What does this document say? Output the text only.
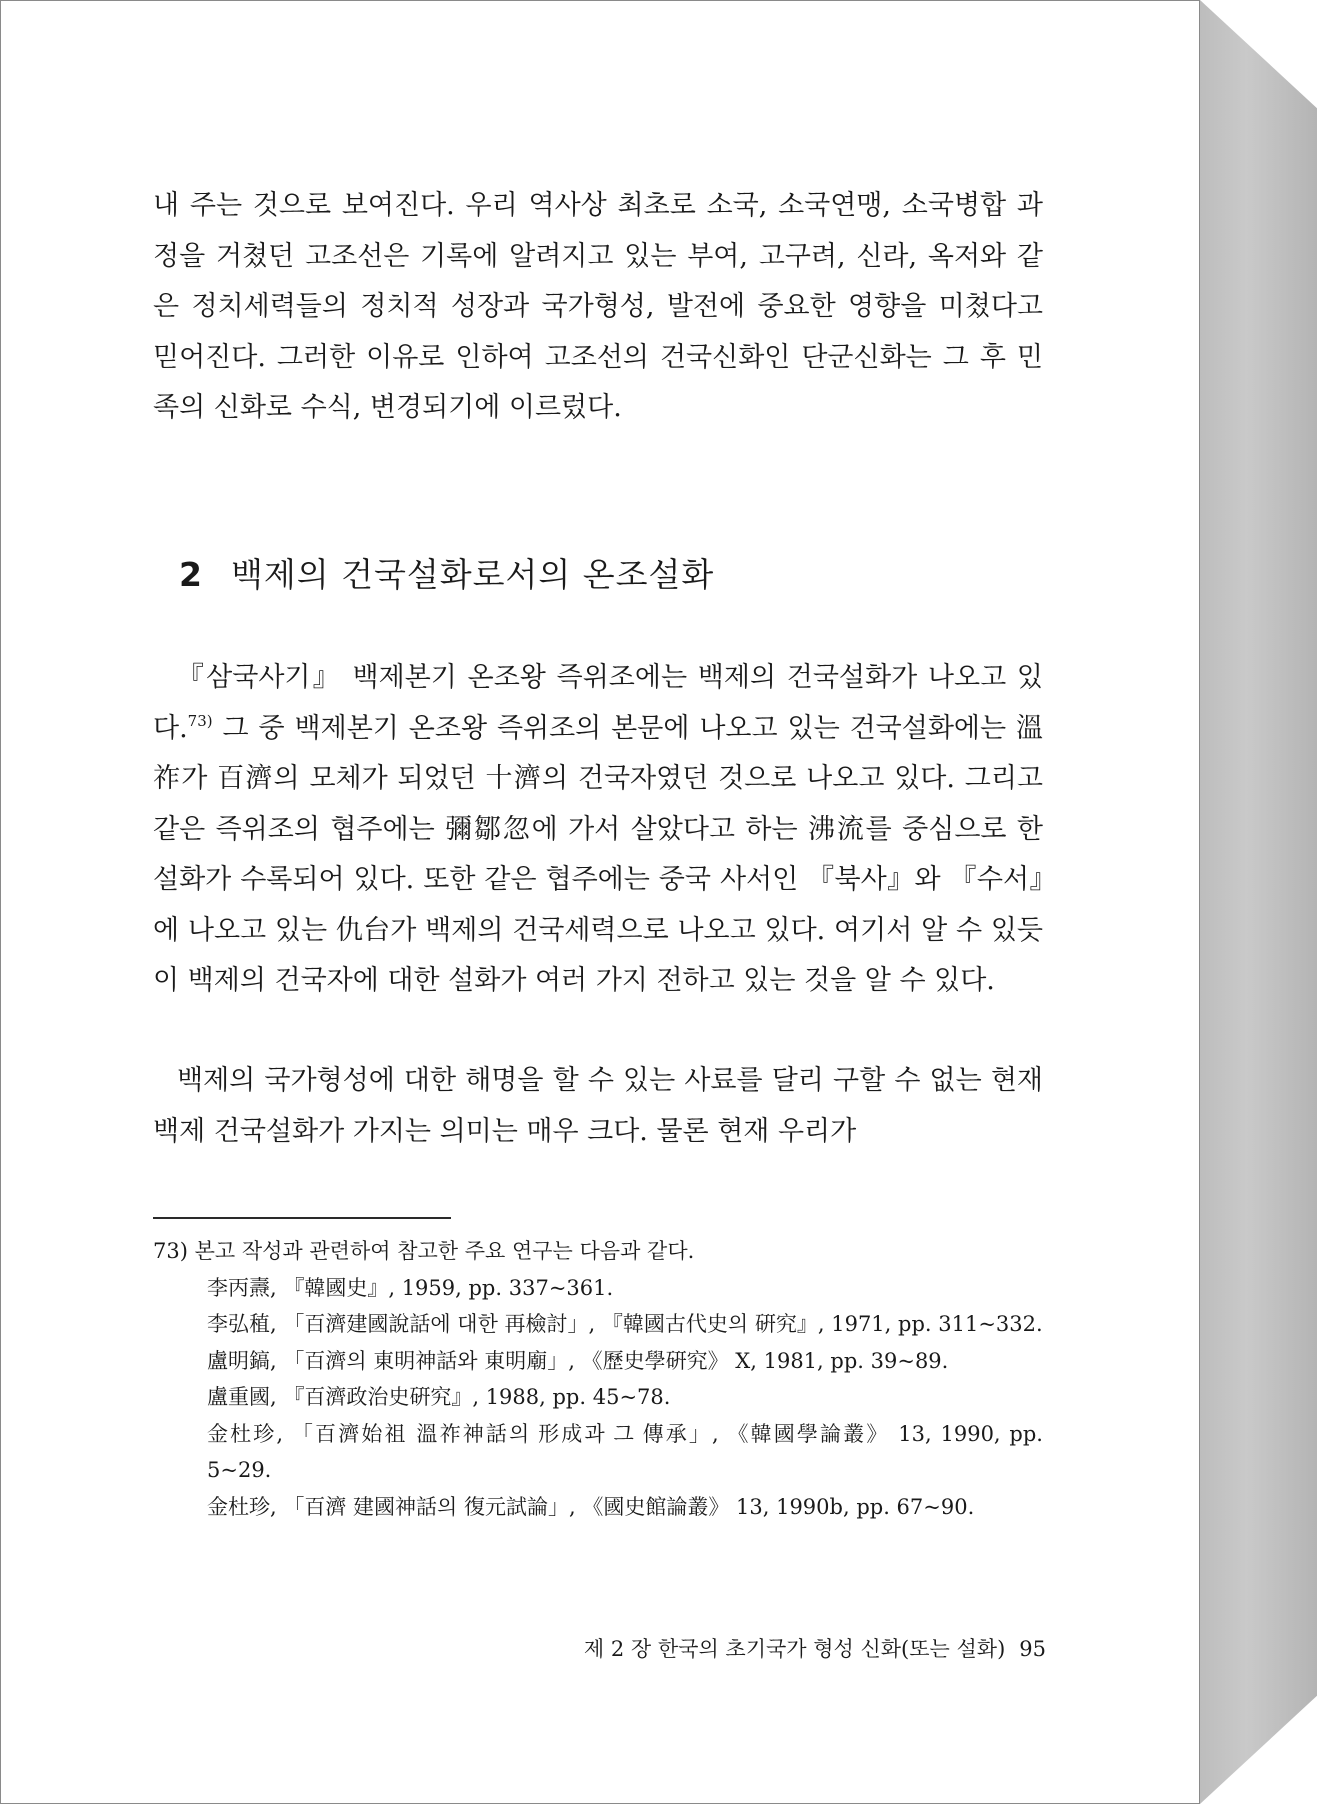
내 주는 것으로 보여진다. 우리 역사상 최초로 소국, 소국연맹, 소국병합 과정을 거쳤던 고조선은 기록에 알려지고 있는 부여, 고구려, 신라, 옥저와 같은 정치세력들의 정치적 성장과 국가형성, 발전에 중요한 영향을 미쳤다고 믿어진다. 그러한 이유로 인하여 고조선의 건국신화인 단군신화는 그 후 민족의 신화로 수식, 변경되기에 이르렀다.

2 백제의 건국설화로서의 온조설화

『삼국사기』 백제본기 온조왕 즉위조에는 백제의 건국설화가 나오고 있다.$^{73)}$ 그 중 백제본기 온조왕 즉위조의 본문에 나오고 있는 건국설화에는 溫祚가 百濟의 모체가 되었던 十濟의 건국자였던 것으로 나오고 있다. 그리고 같은 즉위조의 협주에는 彌鄒忽에 가서 살았다고 하는 沸流를 중심으로 한 설화가 수록되어 있다. 또한 같은 협주에는 중국 사서인 『북사』와 『수서』에 나오고 있는 仇台가 백제의 건국세력으로 나오고 있다. 여기서 알 수 있듯이 백제의 건국자에 대한 설화가 여러 가지 전하고 있는 것을 알 수 있다.

백제의 국가형성에 대한 해명을 할 수 있는 사료를 달리 구할 수 없는 현재 백제 건국설화가 가지는 의미는 매우 크다. 물론 현재 우리가

73) 본고 작성과 관련하여 참고한 주요 연구는 다음과 같다.

李丙燾, 『韓國史』, 1959, pp. 337~361.

李弘稙, 「百濟建國說話에 대한 再檢討」, 『韓國古代史의 硏究』, 1971, pp. 311~332.

盧明鎬, 「百濟의 東明神話와 東明廟」, 《歷史學硏究》 X, 1981, pp. 39~89.

盧重國, 『百濟政治史硏究』, 1988, pp. 45~78.

金杜珍, 「百濟始祖 溫祚神話의 形成과 그 傳承」, 《韓國學論叢》 13, 1990, pp. 5~29.

金杜珍, 「百濟 建國神話의 復元試論」, 《國史館論叢》 13, 1990b, pp. 67~90.

제 2 장 한국의 초기국가 형성 신화(또는 설화) 95
